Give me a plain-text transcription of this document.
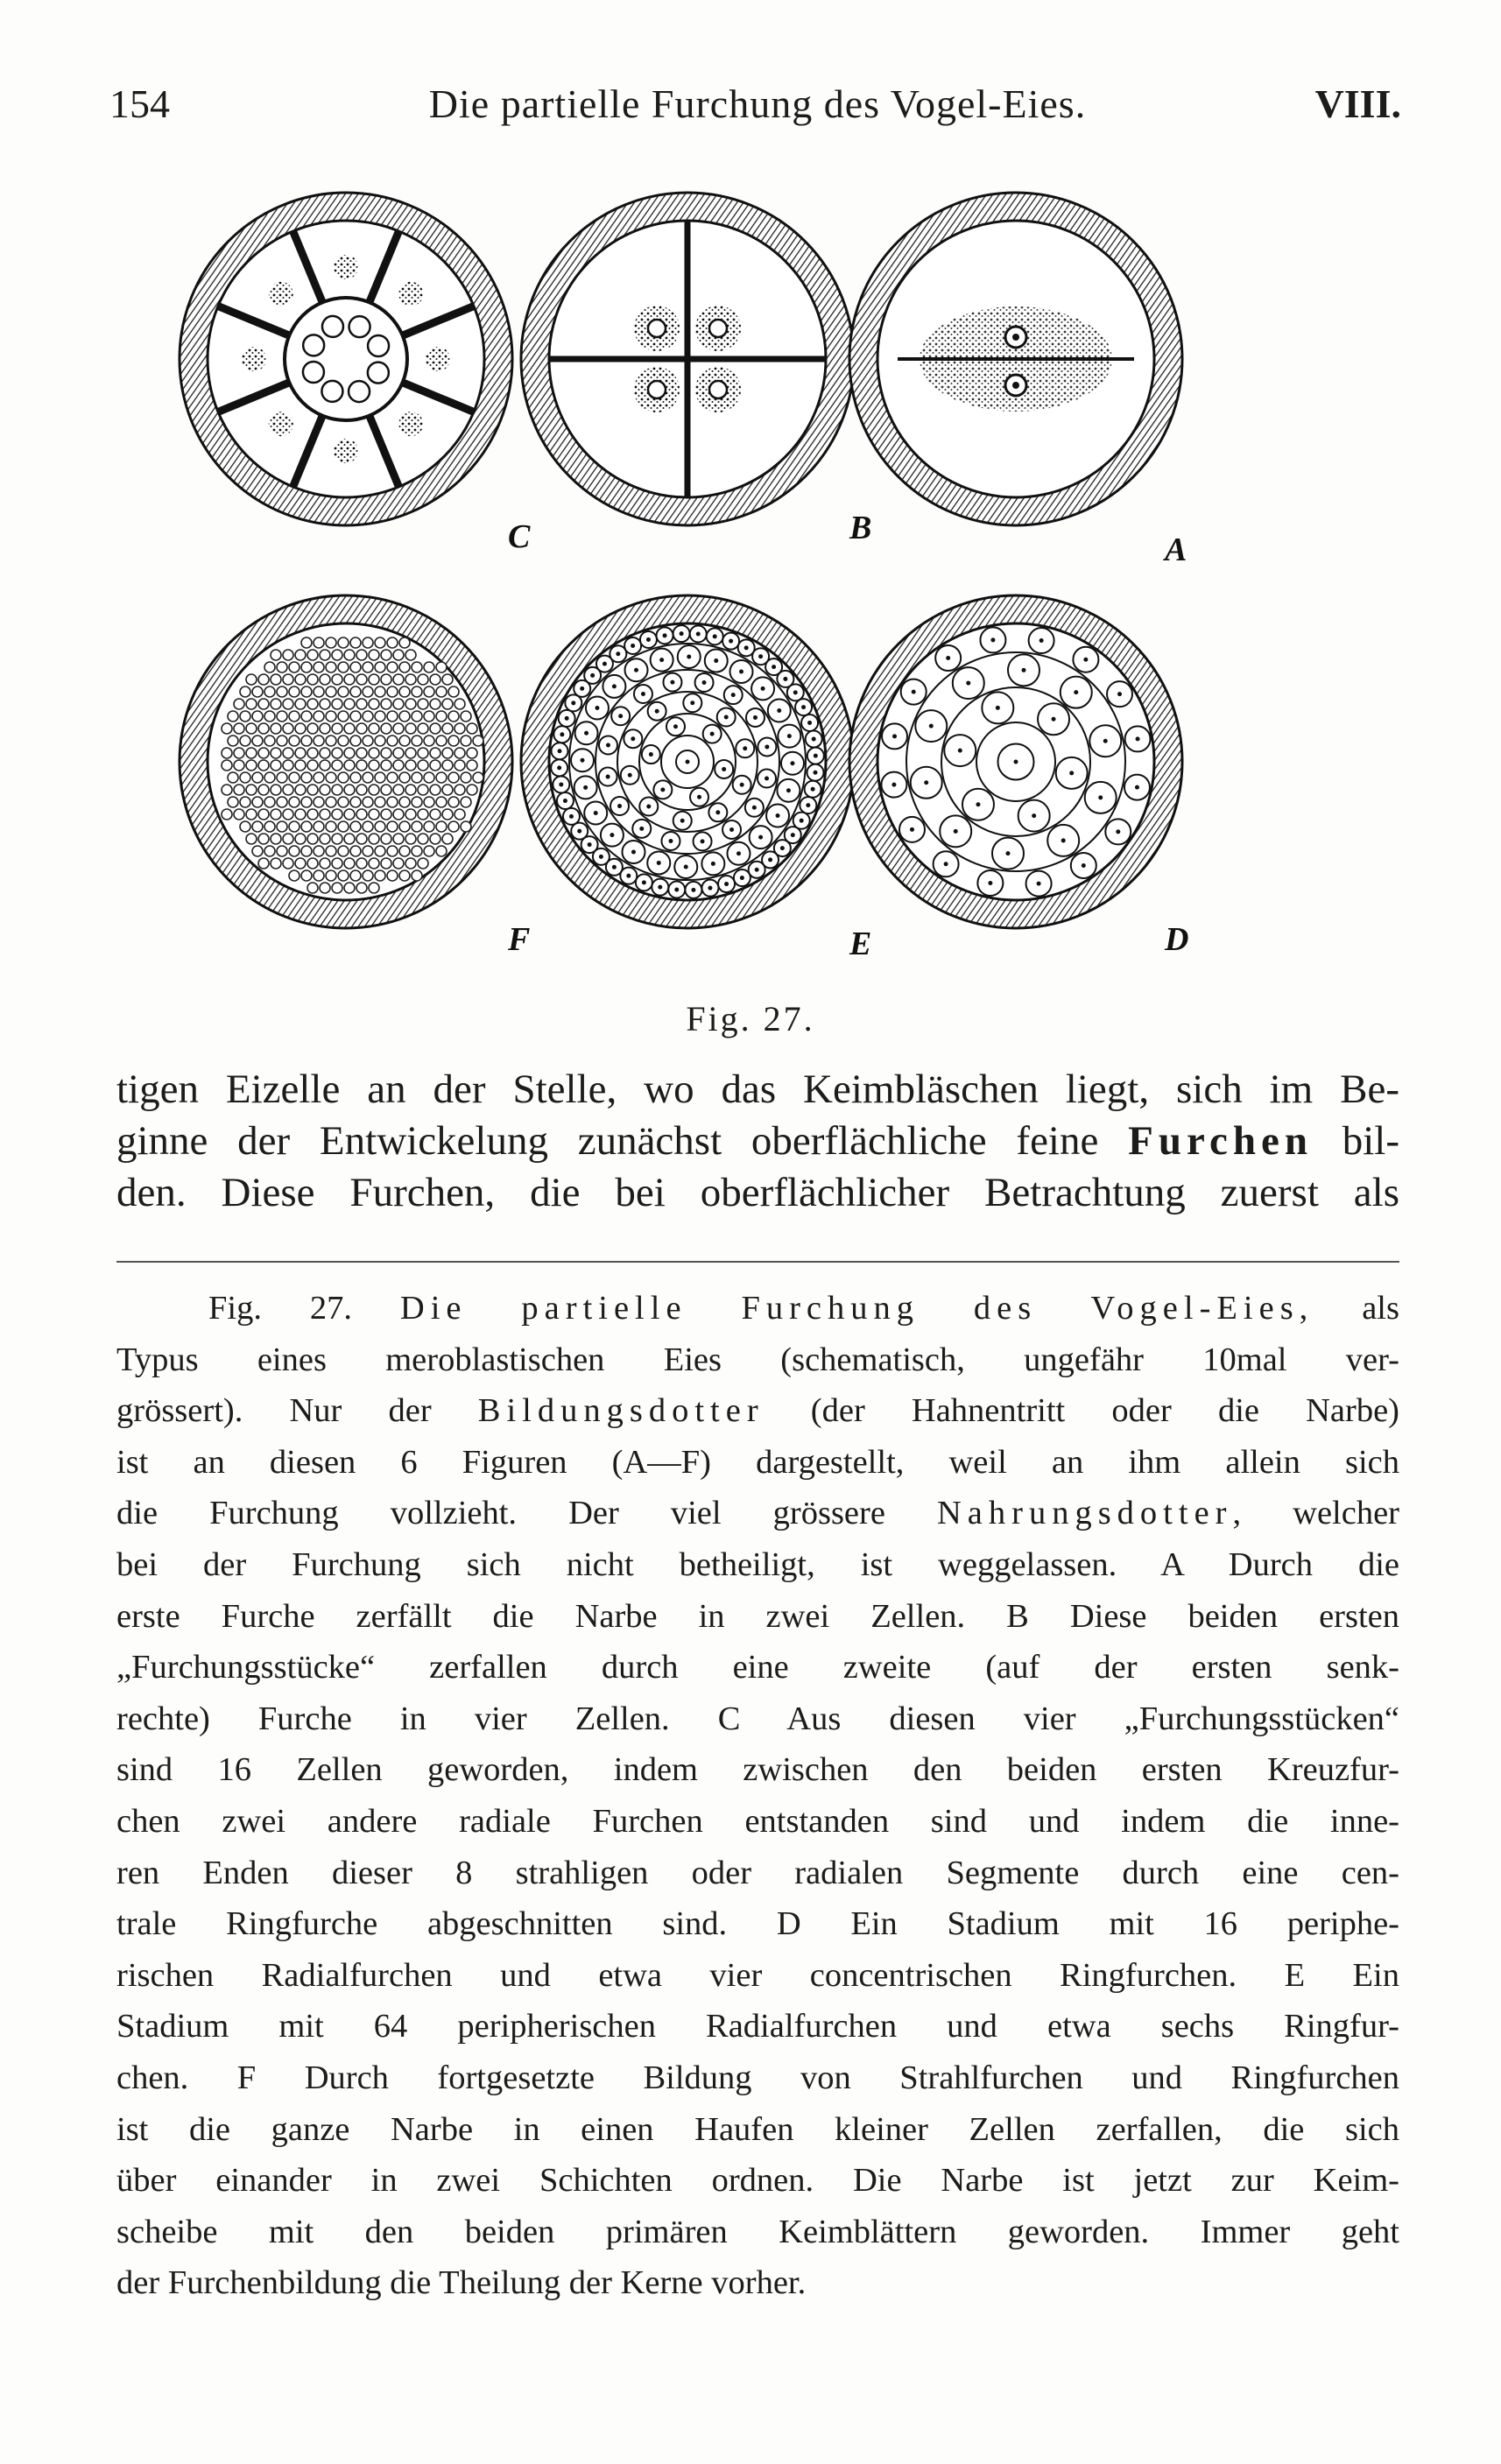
154	Die partielle Furchung des Vogel-Eies.	VIII.
C	B
A
F	E	D
Fig. 27.
tigen Eizelle an der Stelle, wo das Keimbläschen liegt, sich im Be-
ginne der Entwickelung zunächst oberflächliche feine Furchen bil-
den. Diese Furchen, die bei oberflächlicher Betrachtung zuerst als
Fig. 27. Die partielle Furchung des Vogel-Eies, als
Typus eines meroblastischen Eies (schematisch, ungefähr 10mal ver-
grössert). Nur der Bildungsdotter (der Hahnentritt oder die Narbe)
ist an diesen 6 Figuren (A—F) dargestellt, weil an ihm allein sich
die Furchung vollzieht. Der viel grössere Nahrungsdotter, welcher
bei der Furchung sich nicht betheiligt, ist weggelassen. A Durch die
erste Furche zerfällt die Narbe in zwei Zellen. B Diese beiden ersten
„Furchungsstücke“ zerfallen durch eine zweite (auf der ersten senk-
rechte) Furche in vier Zellen. C Aus diesen vier „Furchungsstücken“
sind 16 Zellen geworden, indem zwischen den beiden ersten Kreuzfur-
chen zwei andere radiale Furchen entstanden sind und indem die inne-
ren Enden dieser 8 strahligen oder radialen Segmente durch eine cen-
trale Ringfurche abgeschnitten sind. D Ein Stadium mit 16 periphe-
rischen Radialfurchen und etwa vier concentrischen Ringfurchen. E Ein
Stadium mit 64 peripherischen Radialfurchen und etwa sechs Ringfur-
chen. F Durch fortgesetzte Bildung von Strahlfurchen und Ringfurchen
ist die ganze Narbe in einen Haufen kleiner Zellen zerfallen, die sich
über einander in zwei Schichten ordnen. Die Narbe ist jetzt zur Keim-
scheibe mit den beiden primären Keimblättern geworden. Immer geht
der Furchenbildung die Theilung der Kerne vorher.
